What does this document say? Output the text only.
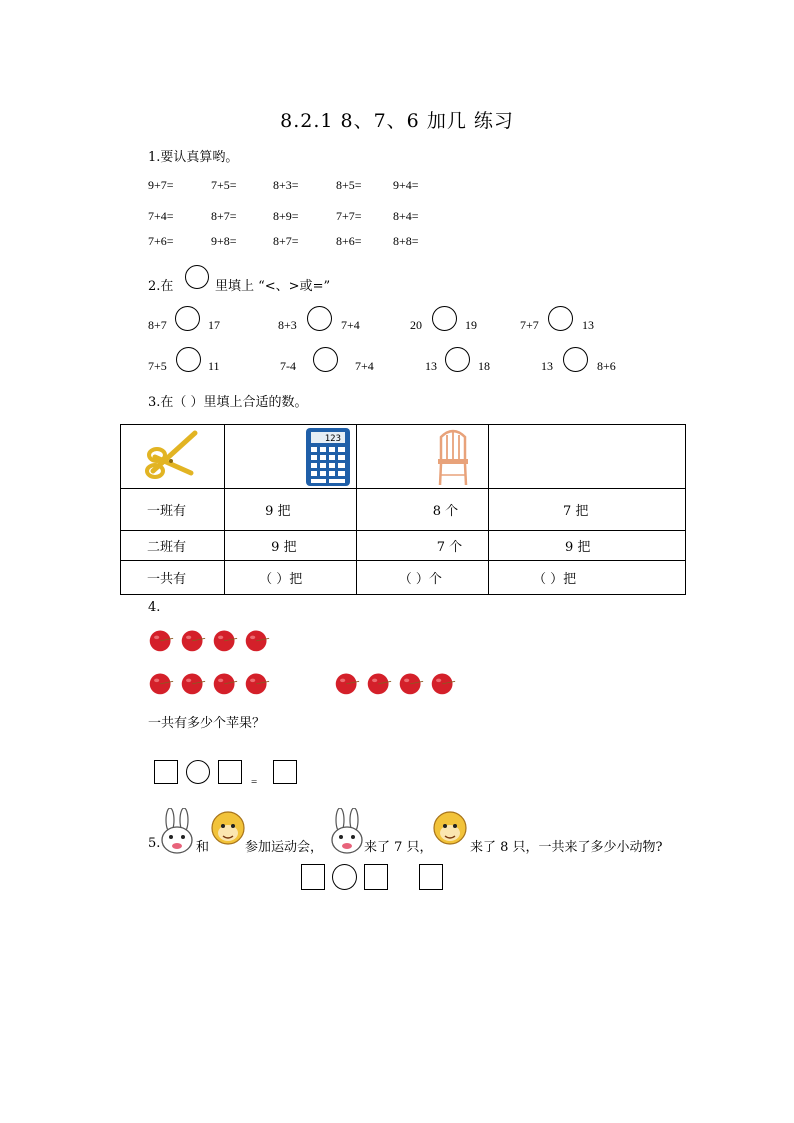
8.2.1 8、7、6 加几 练习
1.要认真算哟。
9+7=	7+5=	8+3=	8+5=	9+4=
7+4=	8+7=	8+9=	7+7=	8+4=
7+6=	9+8=	8+7=	8+6=	8+8=
2.在	里填上 “<、>或=”
8+7	17	8+3	7+4	20	19	7+7	13
7+5	11	7-4	7+4	13	18	13	8+6
3.在（ ）里填上合适的数。

123

一班有	9 把	8 个	7 把
二班有	9 把	7 个	9 把
一共有	（ ）把	（ ）个	（ ）把
4.
一共有多少个苹果？
=
5.	和	参加运动会，	来了 7 只，	来了 8 只，一共来了多少小动物?
